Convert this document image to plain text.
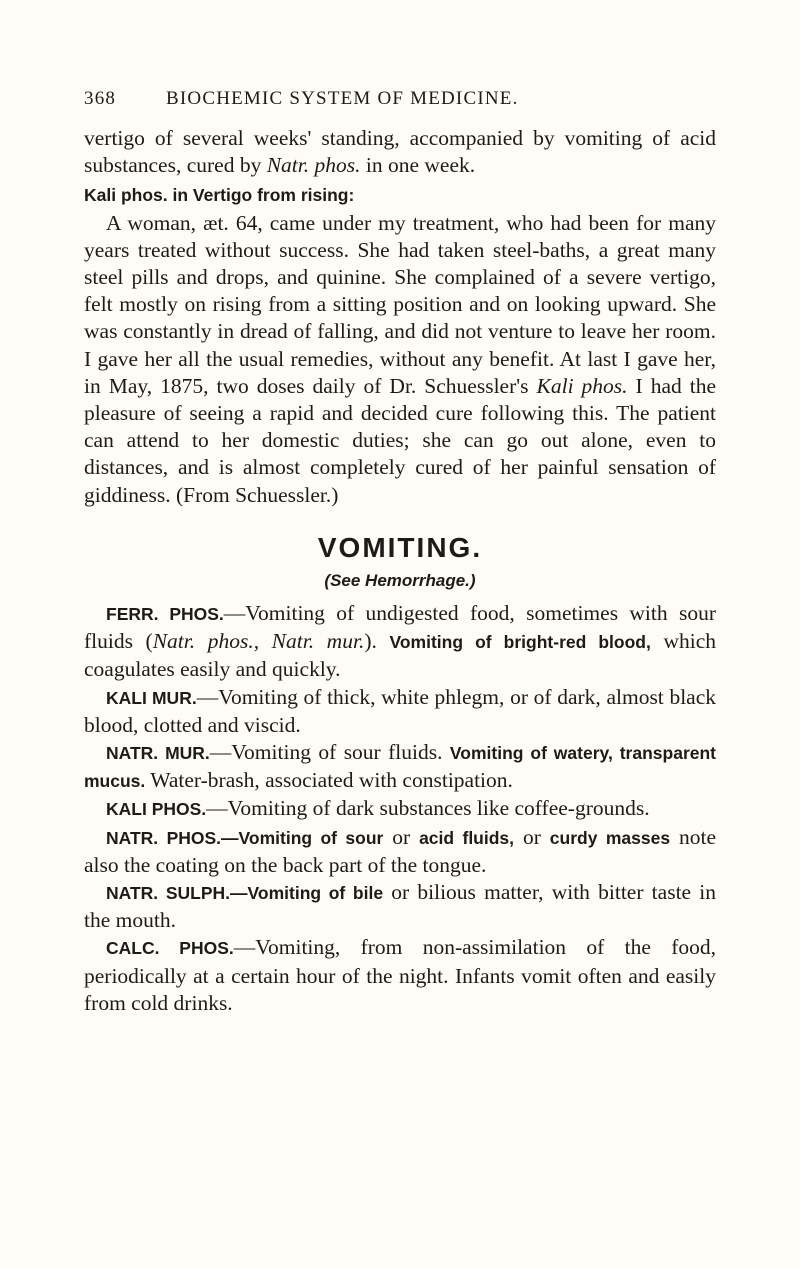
368	BIOCHEMIC SYSTEM OF MEDICINE.

vertigo of several weeks' standing, accompanied by vomiting of acid substances, cured by Natr. phos. in one week.

Kali phos. in Vertigo from rising:

A woman, æt. 64, came under my treatment, who had been for many years treated without success. She had taken steel-baths, a great many steel pills and drops, and quinine. She complained of a severe vertigo, felt mostly on rising from a sitting position and on looking upward. She was constantly in dread of falling, and did not venture to leave her room. I gave her all the usual remedies, without any benefit. At last I gave her, in May, 1875, two doses daily of Dr. Schuessler's Kali phos. I had the pleasure of seeing a rapid and decided cure following this. The patient can attend to her domestic duties; she can go out alone, even to distances, and is almost completely cured of her painful sensation of giddiness. (From Schuessler.)

VOMITING.
(See Hemorrhage.)

FERR. PHOS.—Vomiting of undigested food, sometimes with sour fluids (Natr. phos., Natr. mur.). Vomiting of bright-red blood, which coagulates easily and quickly.

KALI MUR.—Vomiting of thick, white phlegm, or of dark, almost black blood, clotted and viscid.

NATR. MUR.—Vomiting of sour fluids. Vomiting of watery, transparent mucus. Water-brash, associated with constipation.

KALI PHOS.—Vomiting of dark substances like coffee-grounds.

NATR. PHOS.—Vomiting of sour or acid fluids, or curdy masses note also the coating on the back part of the tongue.

NATR. SULPH.—Vomiting of bile or bilious matter, with bitter taste in the mouth.

CALC. PHOS.—Vomiting, from non-assimilation of the food, periodically at a certain hour of the night. Infants vomit often and easily from cold drinks.
